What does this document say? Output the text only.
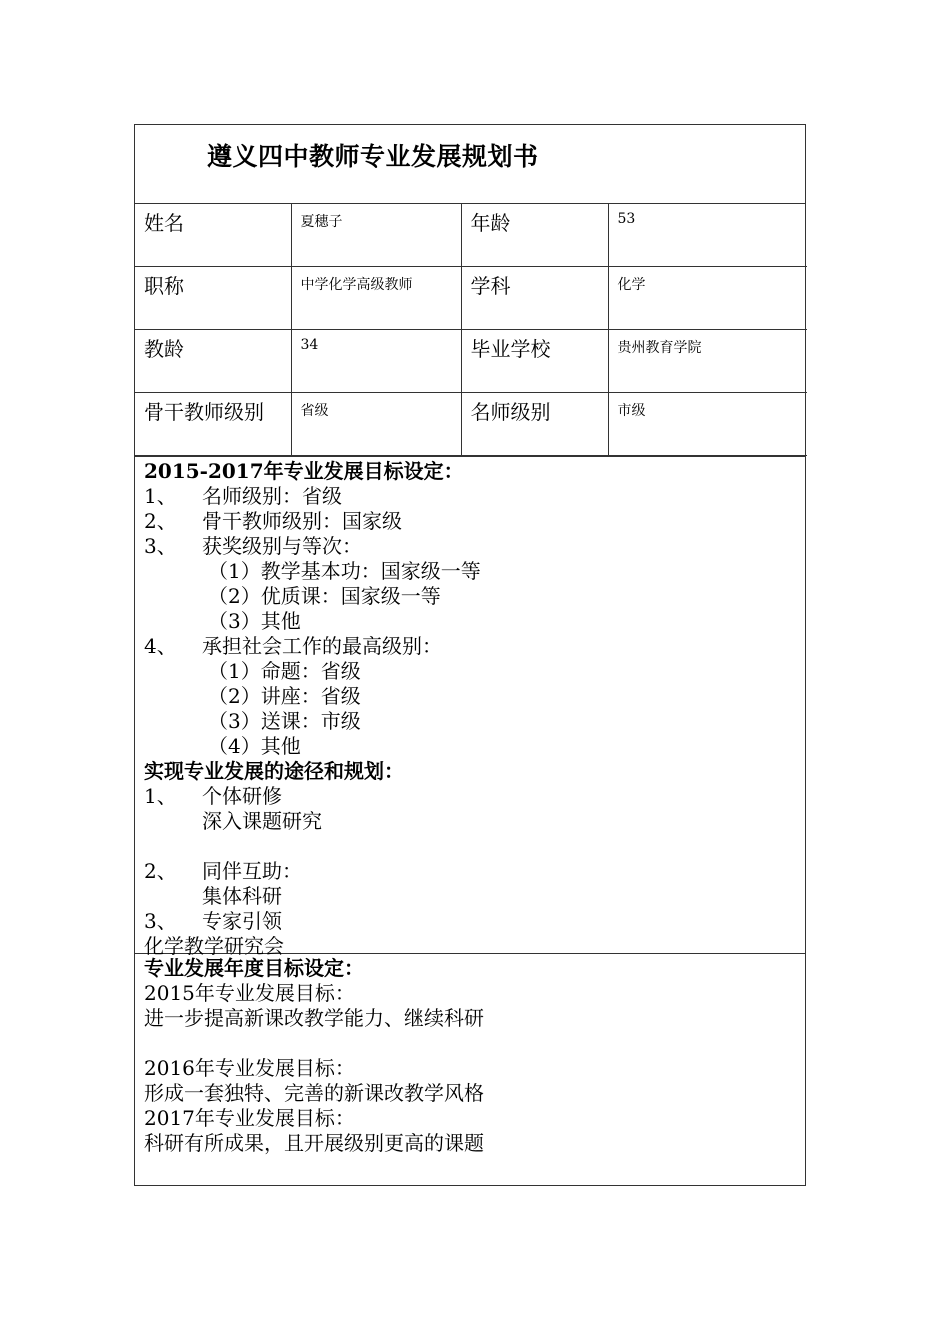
遵义四中教师专业发展规划书
姓名	夏穗子	年龄	53
职称	中学化学高级教师	学科	化学
教龄	34	毕业学校	贵州教育学院
骨干教师级别	省级	名师级别	市级
2015-2017年专业发展目标设定：
1、 名师级别：省级
2、 骨干教师级别：国家级
3、 获奖级别与等次：
（1）教学基本功：国家级一等
（2）优质课：国家级一等
（3）其他
4、 承担社会工作的最高级别：
（1）命题：省级
（2）讲座：省级
（3）送课：市级
（4）其他
实现专业发展的途径和规划：
1、 个体研修
深入课题研究
2、 同伴互助：
集体科研
3、 专家引领
化学教学研究会
专业发展年度目标设定：
2015年专业发展目标：
进一步提高新课改教学能力、继续科研
2016年专业发展目标：
形成一套独特、完善的新课改教学风格
2017年专业发展目标：
科研有所成果，且开展级别更高的课题
